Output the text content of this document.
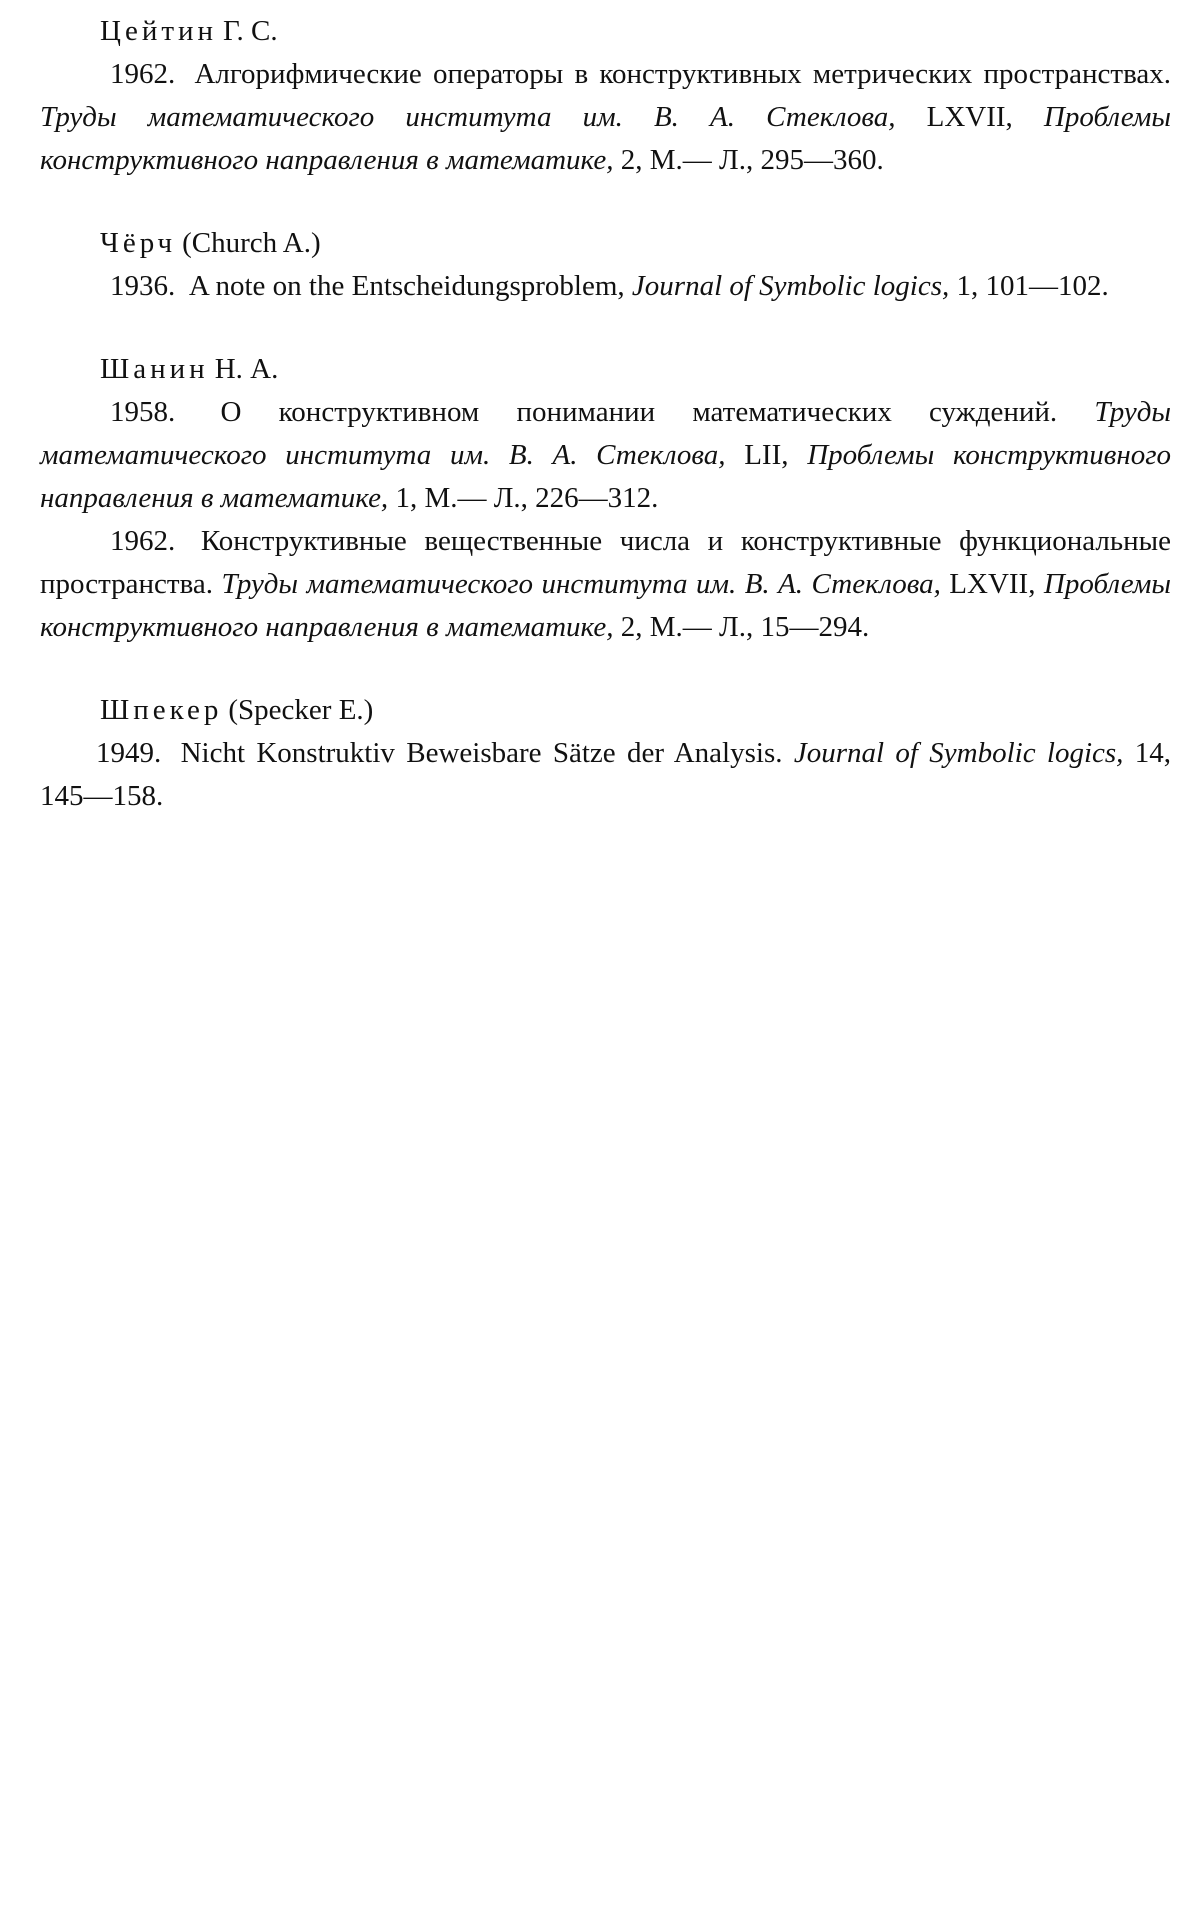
Цейтин Г. С.

1962. Алгорифмические операторы в конструктивных метрических пространствах. Труды математического института им. В. А. Стеклова, LXVII, Проблемы конструктивного направления в математике, 2, М.— Л., 295—360.

Чёрч (Church A.)

1936. A note on the Entscheidungsproblem, Journal of Symbolic logics, 1, 101—102.

Шанин Н. А.

1958. О конструктивном понимании математических суждений. Труды математического института им. В. А. Стеклова, LII, Проблемы конструктивного направления в математике, 1, М.— Л., 226—312.

1962. Конструктивные вещественные числа и конструктивные функциональные пространства. Труды математического института им. В. А. Стеклова, LXVII, Проблемы конструктивного направления в математике, 2, М.— Л., 15—294.

Шпекер (Specker E.)

1949. Nicht Konstruktiv Beweisbare Sätze der Analysis. Journal of Symbolic logics, 14, 145—158.
